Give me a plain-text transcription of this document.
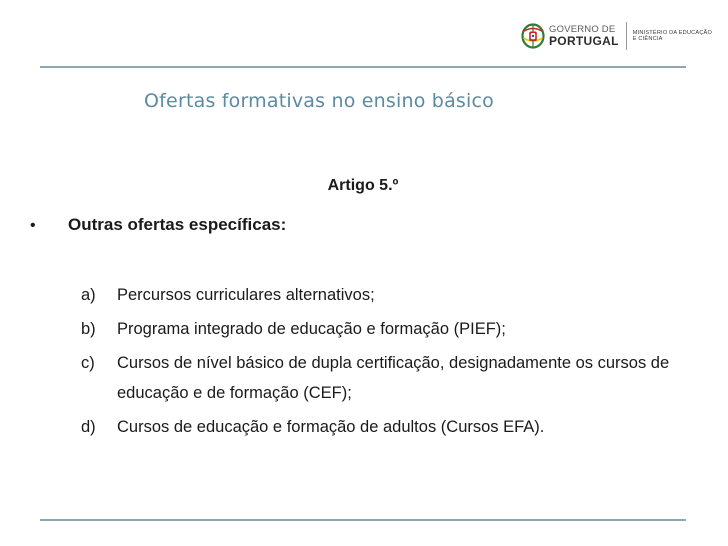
GOVERNO DE
PORTUGAL
MINISTÉRIO DA EDUCAÇÃO
E CIÊNCIA
Ofertas formativas no ensino básico
Artigo 5.º
•	Outras ofertas específicas:
a)	Percursos curriculares alternativos;
b)	Programa integrado de educação e formação (PIEF);
c)	Cursos de nível básico de dupla certificação, designadamente os cursos de educação e de formação (CEF);
d)	Cursos de educação e formação de adultos (Cursos EFA).
